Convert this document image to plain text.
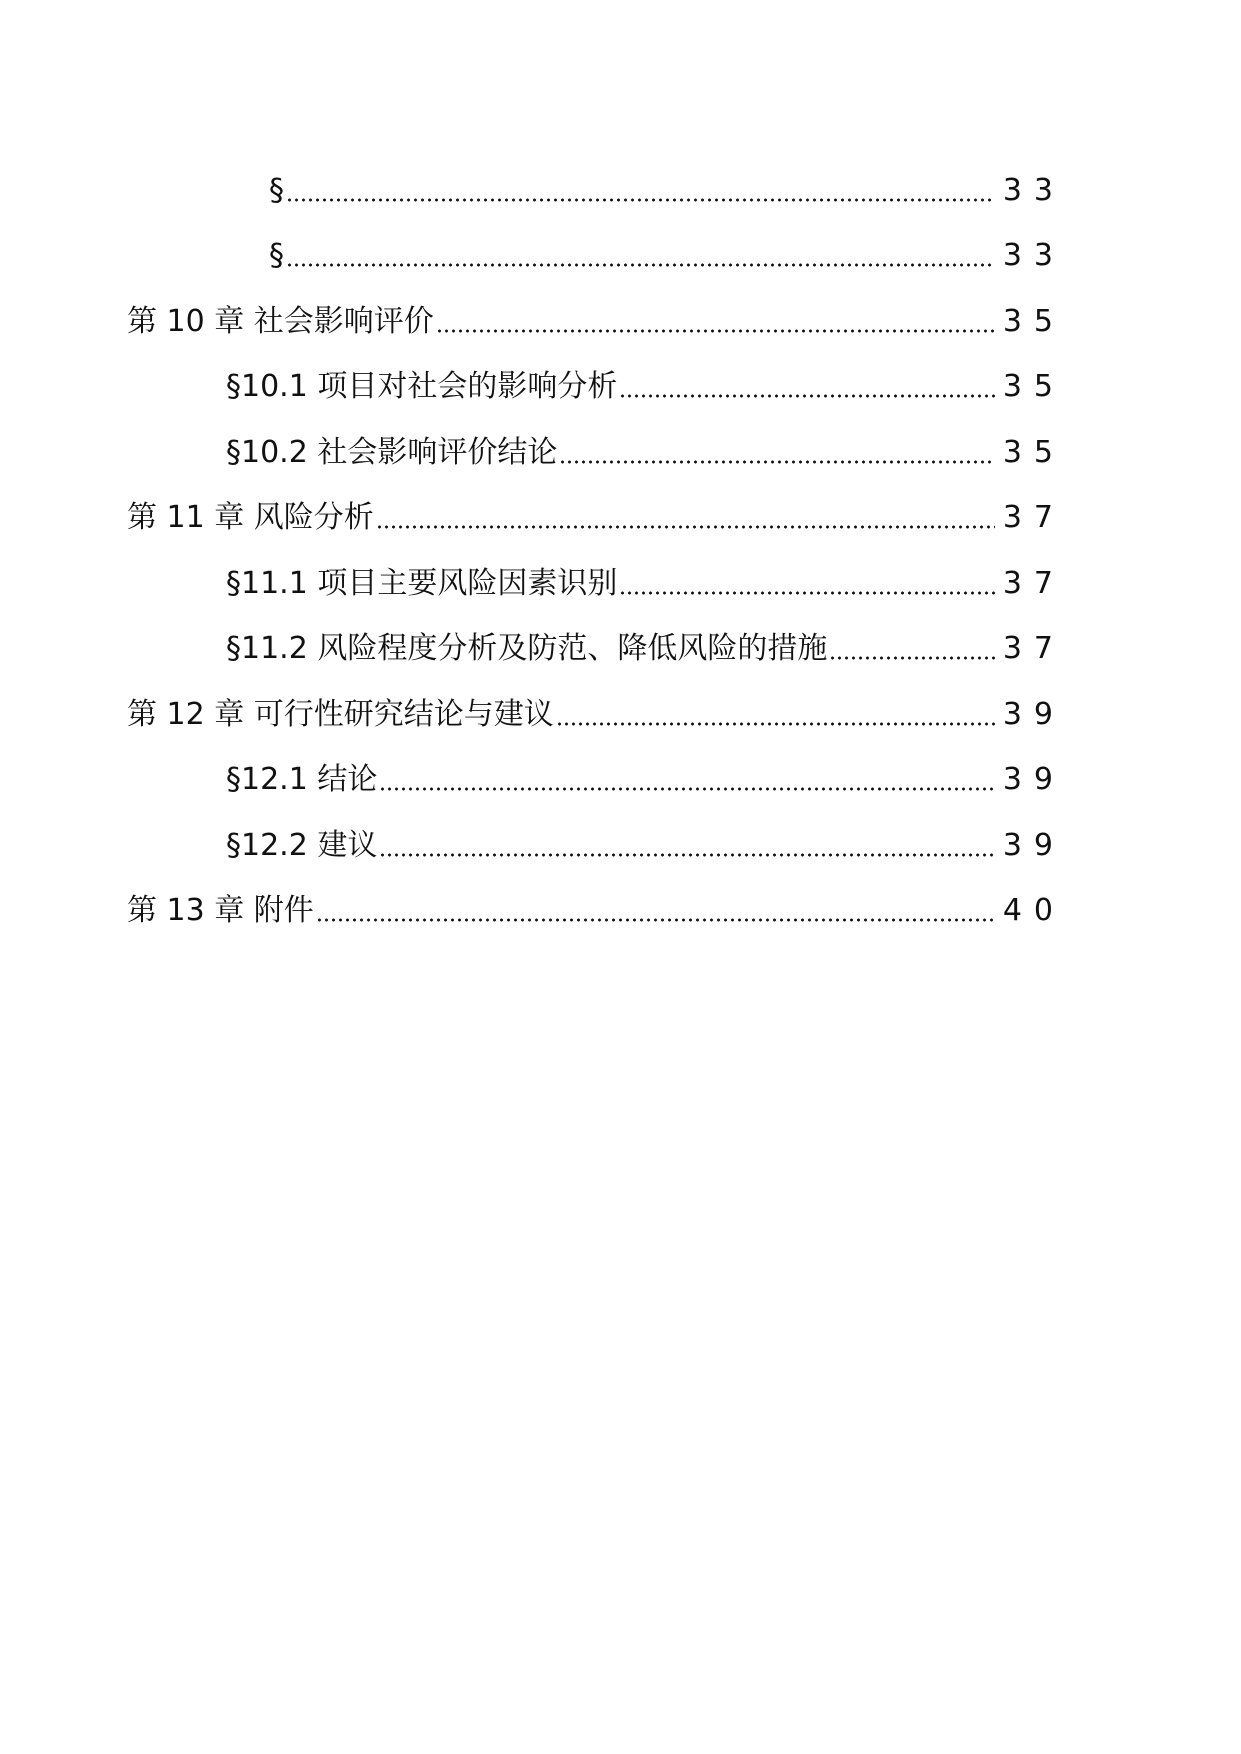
§	33
§	33
第 10 章 社会影响评价	35
§10.1 项目对社会的影响分析	35
§10.2 社会影响评价结论	35
第 11 章 风险分析	37
§11.1 项目主要风险因素识别	37
§11.2 风险程度分析及防范、降低风险的措施	37
第 12 章 可行性研究结论与建议	39
§12.1 结论	39
§12.2 建议	39
第 13 章 附件	40
